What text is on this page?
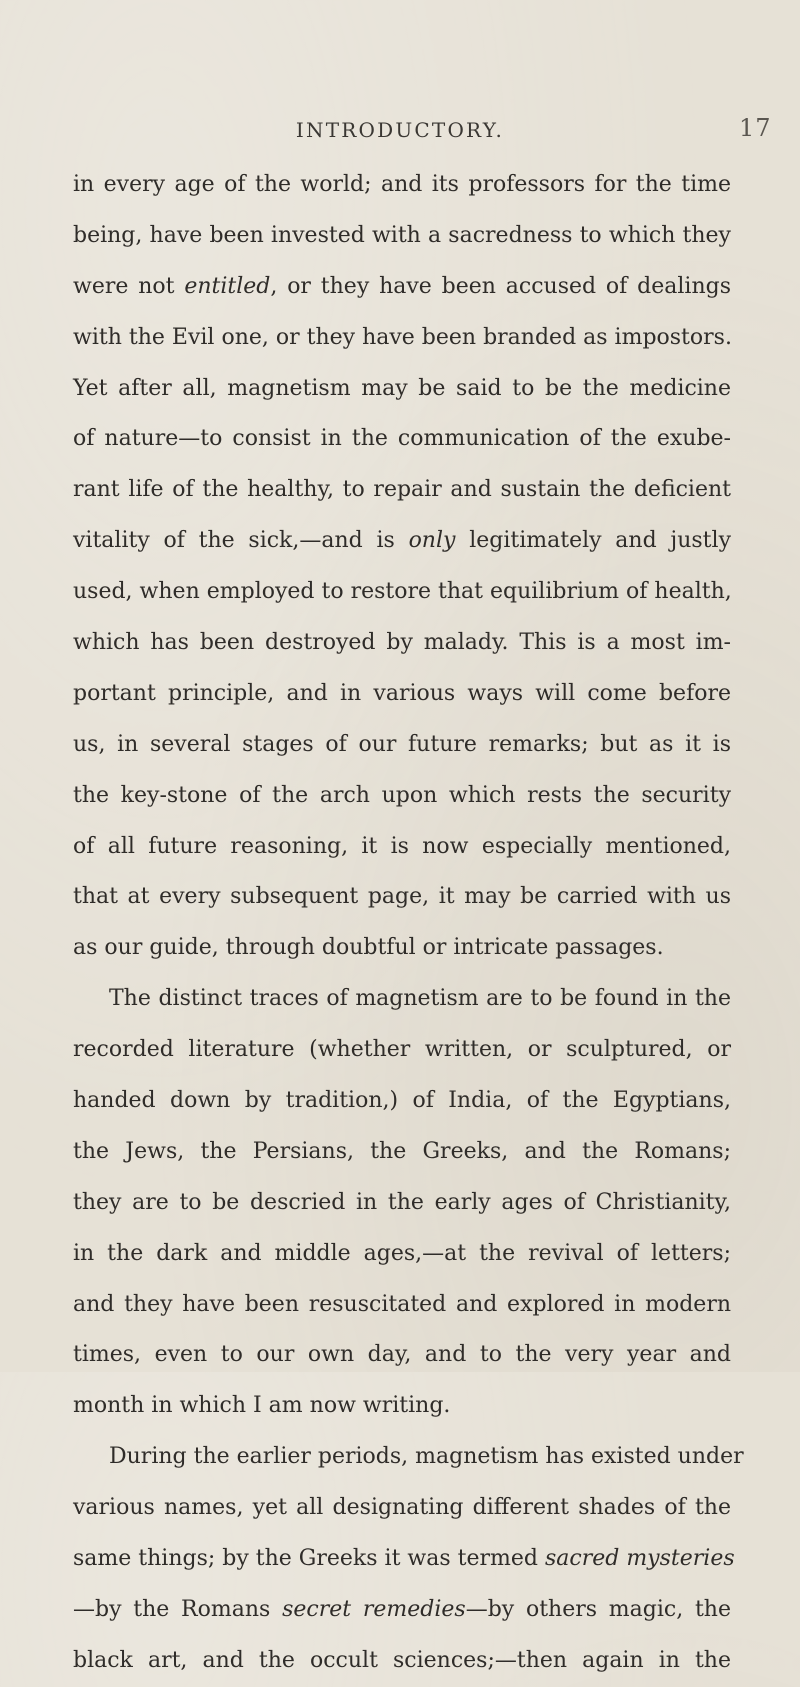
INTRODUCTORY.	17
in every age of the world; and its professors for the time
being, have been invested with a sacredness to which they
were not entitled, or they have been accused of dealings
with the Evil one, or they have been branded as impostors.
Yet after all, magnetism may be said to be the medicine
of nature—to consist in the communication of the exube-
rant life of the healthy, to repair and sustain the deficient
vitality of the sick,—and is only legitimately and justly
used, when employed to restore that equilibrium of health,
which has been destroyed by malady. This is a most im-
portant principle, and in various ways will come before
us, in several stages of our future remarks; but as it is
the key-stone of the arch upon which rests the security
of all future reasoning, it is now especially mentioned,
that at every subsequent page, it may be carried with us
as our guide, through doubtful or intricate passages.
The distinct traces of magnetism are to be found in the
recorded literature (whether written, or sculptured, or
handed down by tradition,) of India, of the Egyptians,
the Jews, the Persians, the Greeks, and the Romans;
they are to be descried in the early ages of Christianity,
in the dark and middle ages,—at the revival of letters;
and they have been resuscitated and explored in modern
times, even to our own day, and to the very year and
month in which I am now writing.
During the earlier periods, magnetism has existed under
various names, yet all designating different shades of the
same things; by the Greeks it was termed sacred mysteries
—by the Romans secret remedies—by others magic, the
black art, and the occult sciences;—then again in the
